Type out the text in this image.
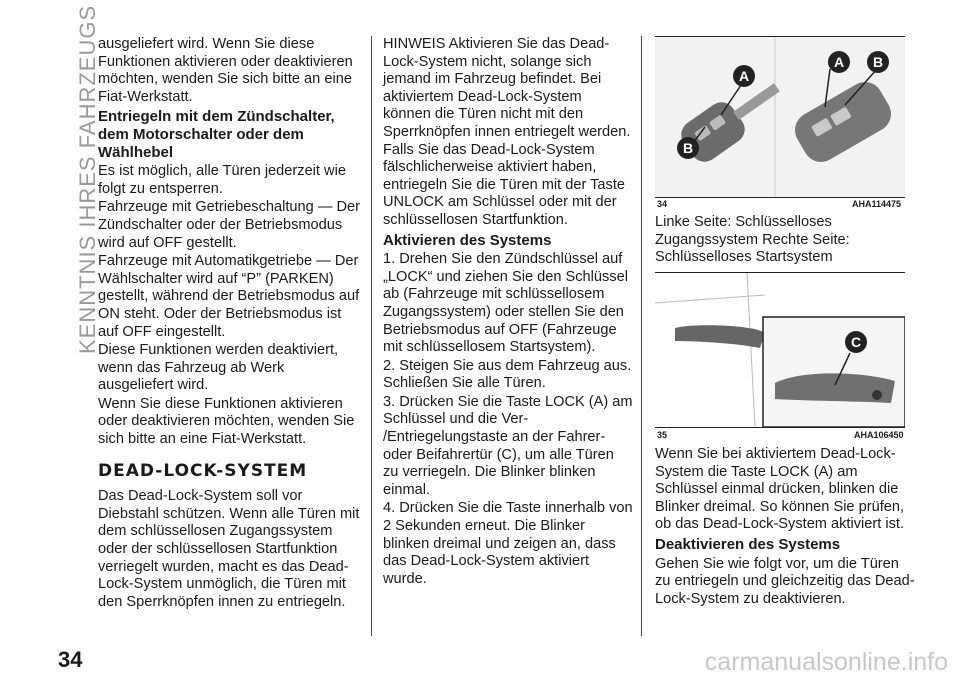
KENNTNIS IHRES FAHRZEUGS

ausgeliefert wird. Wenn Sie diese Funktionen aktivieren oder deaktivieren möchten, wenden Sie sich bitte an eine Fiat-Werkstatt.

Entriegeln mit dem Zündschalter, dem Motorschalter oder dem Wählhebel

Es ist möglich, alle Türen jederzeit wie folgt zu entsperren.

Fahrzeuge mit Getriebeschaltung — Der Zündschalter oder der Betriebsmodus wird auf OFF gestellt.

Fahrzeuge mit Automatikgetriebe — Der Wählschalter wird auf “P” (PARKEN) gestellt, während der Betriebsmodus auf ON steht. Oder der Betriebsmodus ist auf OFF eingestellt.

Diese Funktionen werden deaktiviert, wenn das Fahrzeug ab Werk ausgeliefert wird.

Wenn Sie diese Funktionen aktivieren oder deaktivieren möchten, wenden Sie sich bitte an eine Fiat-Werkstatt.

DEAD-LOCK-SYSTEM

Das Dead-Lock-System soll vor Diebstahl schützen. Wenn alle Türen mit dem schlüssellosen Zugangssystem oder der schlüssellosen Startfunktion verriegelt wurden, macht es das Dead-Lock-System unmöglich, die Türen mit den Sperrknöpfen innen zu entriegeln.

HINWEIS Aktivieren Sie das Dead-Lock-System nicht, solange sich jemand im Fahrzeug befindet. Bei aktiviertem Dead-Lock-System können die Türen nicht mit den Sperrknöpfen innen entriegelt werden. Falls Sie das Dead-Lock-System fälschlicherweise aktiviert haben, entriegeln Sie die Türen mit der Taste UNLOCK am Schlüssel oder mit der schlüssellosen Startfunktion.

Aktivieren des Systems

1. Drehen Sie den Zündschlüssel auf „LOCK“ und ziehen Sie den Schlüssel ab (Fahrzeuge mit schlüssellosem Zugangssystem) oder stellen Sie den Betriebsmodus auf OFF (Fahrzeuge mit schlüssellosem Startsystem).

2. Steigen Sie aus dem Fahrzeug aus. Schließen Sie alle Türen.

3. Drücken Sie die Taste LOCK (A) am Schlüssel und die Ver- /Entriegelungstaste an der Fahrer- oder Beifahrertür (C), um alle Türen zu verriegeln. Die Blinker blinken einmal.

4. Drücken Sie die Taste innerhalb von 2 Sekunden erneut. Die Blinker blinken dreimal und zeigen an, dass das Dead-Lock-System aktiviert wurde.

A
B
A	B
34	AHA114475

Linke Seite: Schlüsselloses Zugangssystem Rechte Seite: Schlüsselloses Startsystem

C
35	AHA106450

Wenn Sie bei aktiviertem Dead-Lock-System die Taste LOCK (A) am Schlüssel einmal drücken, blinken die Blinker dreimal. So können Sie prüfen, ob das Dead-Lock-System aktiviert ist.

Deaktivieren des Systems

Gehen Sie wie folgt vor, um die Türen zu entriegeln und gleichzeitig das Dead-Lock-System zu deaktivieren.

34	carmanualsonline.info
